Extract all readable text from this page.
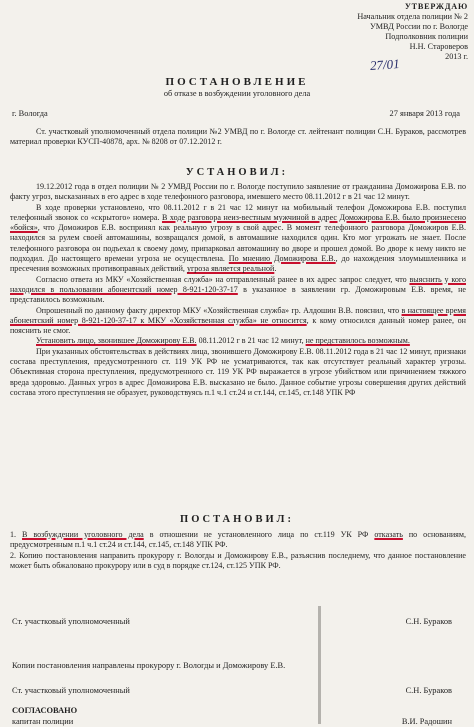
УТВЕРЖДАЮ
Начальник отдела полиции № 2
УМВД России по г. Вологде
Подполковник полиции
Н.Н. Староверов
2013 г.
27/01
ПОСТАНОВЛЕНИЕ
об отказе в возбуждении уголовного дела
г. Вологда	27 января 2013 года

Ст. участковый уполномоченный отдела полиции №2 УМВД по г. Вологде ст. лейтенант полиции С.Н. Бураков, рассмотрев материал проверки КУСП-40878, арх. № 8208 от 07.12.2012 г.

УСТАНОВИЛ:

19.12.2012 года в отдел полиции № 2 УМВД России по г. Вологде поступило заявление от гражданина Доможирова Е.В. по факту угроз, высказанных в его адрес в ходе телефонного разговора, имевшего место 08.11.2012 г в 21 час 12 минут.

В ходе проверки установлено, что 08.11.2012 г в 21 час 12 минут на мобильный телефон Доможирова Е.В. поступил телефонный звонок со «скрытого» номера. В ходе разговора неиз-вестным мужчиной в адрес Доможирова Е.В. было произнесено «бойся», что Доможиров Е.В. воспринял как реальную угрозу в свой адрес. В момент телефонного разговора Доможиров Е.В. находился за рулем своей автомашины, возвращался домой, в автомашине находился один. Кто мог угрожать не знает. После телефонного разговора он подъехал к своему дому, припарковал автомашину во дворе и прошел домой. Во дворе к нему никто не подходил. До настоящего времени угроза не осуществлена. По мнению Доможирова Е.В., до нахождения злоумышленника и пресечения возможных противоправных действий, угроза является реальной.

Согласно ответа из МКУ «Хозяйственная служба» на отправленный ранее в их адрес запрос следует, что выяснить у кого находился в пользовании абонентский номер 8-921-120-37-17 в указанное в заявлении гр. Доможировым Е.В. время, не представилось возможным.

Опрошенный по данному факту директор МКУ «Хозяйственная служба» гр. Алдошин В.В. пояснил, что в настоящее время абонентский номер 8-921-120-37-17 к МКУ «Хозяйственная служба» не относится, к кому относился данный номер ранее, он пояснить не смог.

Установить лицо, звонившее Доможирову Е.В. 08.11.2012 г в 21 час 12 минут, не представилось возможным.

При указанных обстоятельствах в действиях лица, звонившего Доможирову Е.В. 08.11.2012 года в 21 час 12 минут, признаки состава преступления, предусмотренного ст. 119 УК РФ не усматриваются, так как отсутствует реальный характер угрозы. Объективная сторона преступления, предусмотренного ст. 119 УК РФ выражается в угрозе убийством или причинением тяжкого вреда здоровью. Данных угроз в адрес Доможирова Е.В. высказано не было. Данное событие угрозы совершения других действий состава этого преступления не образует, руководствуясь п.1 ч.1 ст.24 и ст.144, ст.145, ст.148 УПК РФ

ПОСТАНОВИЛ:

1. В возбуждении уголовного дела в отношении не установленного лица по ст.119 УК РФ отказать по основаниям, предусмотренным п.1 ч.1 ст.24 и ст.144, ст.145, ст.148 УПК РФ.

2. Копию постановления направить прокурору г. Вологды и Доможирову Е.В., разъяснив последнему, что данное постановление может быть обжаловано прокурору или в суд в порядке ст.124, ст.125 УПК РФ.

Ст. участковый уполномоченный	С.Н. Бураков
Копии постановления направлены прокурору г. Вологды и Доможирову Е.В.
Ст. участковый уполномоченный	С.Н. Бураков
СОГЛАСОВАНО
капитан полиции	В.И. Радошин
